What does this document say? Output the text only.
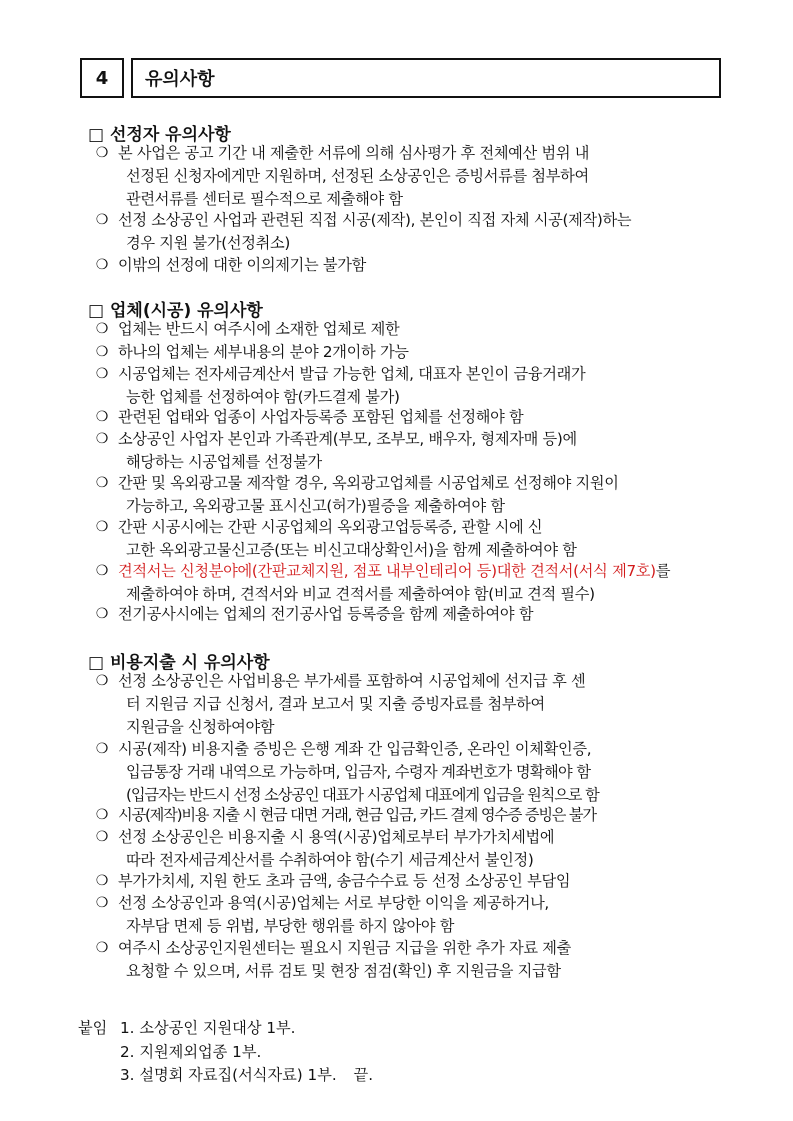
4 유의사항
□ 선정자 유의사항
❍ 본 사업은 공고 기간 내 제출한 서류에 의해 심사평가 후 전체예산 범위 내
선정된 신청자에게만 지원하며, 선정된 소상공인은 증빙서류를 첨부하여
관련서류를 센터로 필수적으로 제출해야 함
❍ 선정 소상공인 사업과 관련된 직접 시공(제작), 본인이 직접 자체 시공(제작)하는
경우 지원 불가(선정취소)
❍ 이밖의 선정에 대한 이의제기는 불가함
□ 업체(시공) 유의사항
❍ 업체는 반드시 여주시에 소재한 업체로 제한
❍ 하나의 업체는 세부내용의 분야 2개이하 가능
❍ 시공업체는 전자세금계산서 발급 가능한 업체, 대표자 본인이 금융거래가
능한 업체를 선정하여야 함(카드결제 불가)
❍ 관련된 업태와 업종이 사업자등록증 포함된 업체를 선정해야 함
❍ 소상공인 사업자 본인과 가족관계(부모, 조부모, 배우자, 형제자매 등)에
해당하는 시공업체를 선정불가
❍ 간판 및 옥외광고물 제작할 경우, 옥외광고업체를 시공업체로 선정해야 지원이
가능하고, 옥외광고물 표시신고(허가)필증을 제출하여야 함
❍ 간판 시공시에는 간판 시공업체의 옥외광고업등록증, 관할 시에 신
고한 옥외광고물신고증(또는 비신고대상확인서)을 함께 제출하여야 함
❍ 견적서는 신청분야에(간판교체지원, 점포 내부인테리어 등)대한 견적서(서식 제7호)를
제출하여야 하며, 견적서와 비교 견적서를 제출하여야 함(비교 견적 필수)
❍ 전기공사시에는 업체의 전기공사업 등록증을 함께 제출하여야 함
□ 비용지출 시 유의사항
❍ 선정 소상공인은 사업비용은 부가세를 포함하여 시공업체에 선지급 후 센
터 지원금 지급 신청서, 결과 보고서 및 지출 증빙자료를 첨부하여
지원금을 신청하여야함
❍ 시공(제작) 비용지출 증빙은 은행 계좌 간 입금확인증, 온라인 이체확인증,
입금통장 거래 내역으로 가능하며, 입금자, 수령자 계좌번호가 명확해야 함
(입금자는 반드시 선정 소상공인 대표가 시공업체 대표에게 입금을 원칙으로 함
❍ 시공(제작)비용 지출 시 현금 대면 거래, 현금 입금, 카드 결제 영수증 증빙은 불가
❍ 선정 소상공인은 비용지출 시 용역(시공)업체로부터 부가가치세법에
따라 전자세금계산서를 수취하여야 함(수기 세금계산서 불인정)
❍ 부가가치세, 지원 한도 초과 금액, 송금수수료 등 선정 소상공인 부담임
❍ 선정 소상공인과 용역(시공)업체는 서로 부당한 이익을 제공하거나,
자부담 면제 등 위법, 부당한 행위를 하지 않아야 함
❍ 여주시 소상공인지원센터는 필요시 지원금 지급을 위한 추가 자료 제출
요청할 수 있으며, 서류 검토 및 현장 점검(확인) 후 지원금을 지급함
붙임 1. 소상공인 지원대상 1부.
2. 지원제외업종 1부.
3. 설명회 자료집(서식자료) 1부. 끝.
